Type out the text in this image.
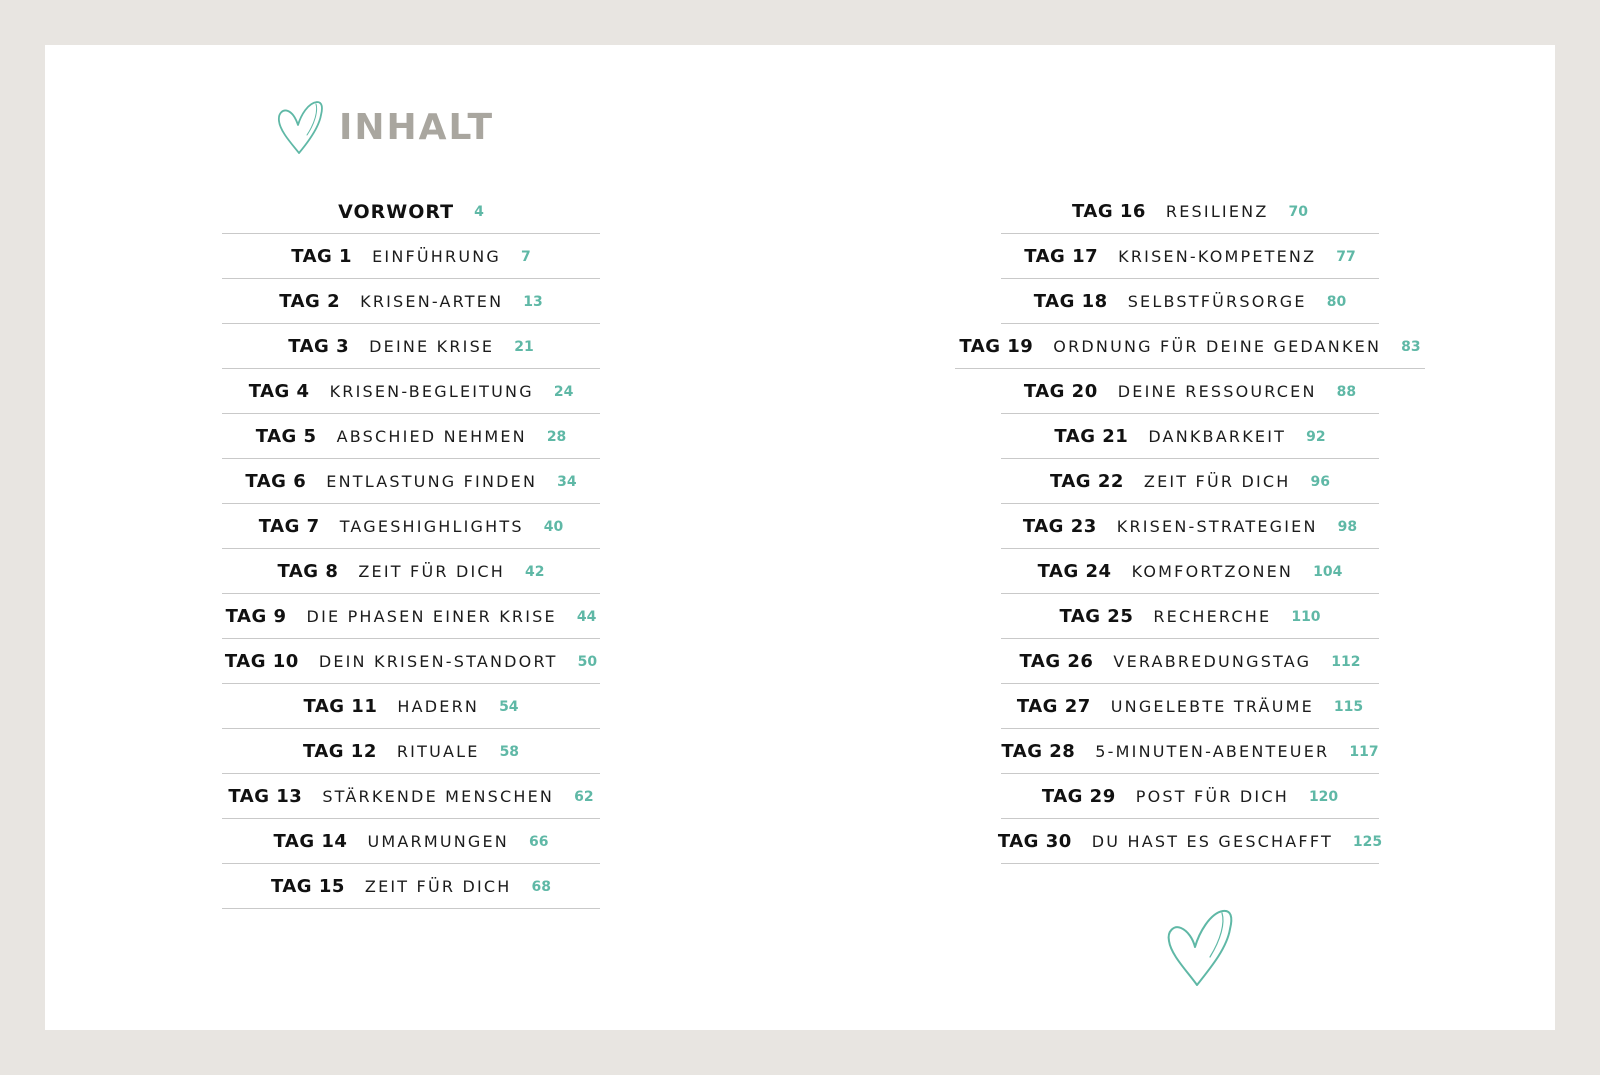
INHALT
VORWORT 4
TAG 1 EINFÜHRUNG 7
TAG 2 KRISEN-ARTEN 13
TAG 3 DEINE KRISE 21
TAG 4 KRISEN-BEGLEITUNG 24
TAG 5 ABSCHIED NEHMEN 28
TAG 6 ENTLASTUNG FINDEN 34
TAG 7 TAGESHIGHLIGHTS 40
TAG 8 ZEIT FÜR DICH 42
TAG 9 DIE PHASEN EINER KRISE 44
TAG 10 DEIN KRISEN-STANDORT 50
TAG 11 HADERN 54
TAG 12 RITUALE 58
TAG 13 STÄRKENDE MENSCHEN 62
TAG 14 UMARMUNGEN 66
TAG 15 ZEIT FÜR DICH 68
TAG 16 RESILIENZ 70
TAG 17 KRISEN-KOMPETENZ 77
TAG 18 SELBSTFÜRSORGE 80
TAG 19 ORDNUNG FÜR DEINE GEDANKEN 83
TAG 20 DEINE RESSOURCEN 88
TAG 21 DANKBARKEIT 92
TAG 22 ZEIT FÜR DICH 96
TAG 23 KRISEN-STRATEGIEN 98
TAG 24 KOMFORTZONEN 104
TAG 25 RECHERCHE 110
TAG 26 VERABREDUNGSTAG 112
TAG 27 UNGELEBTE TRÄUME 115
TAG 28 5-MINUTEN-ABENTEUER 117
TAG 29 POST FÜR DICH 120
TAG 30 DU HAST ES GESCHAFFT 125
